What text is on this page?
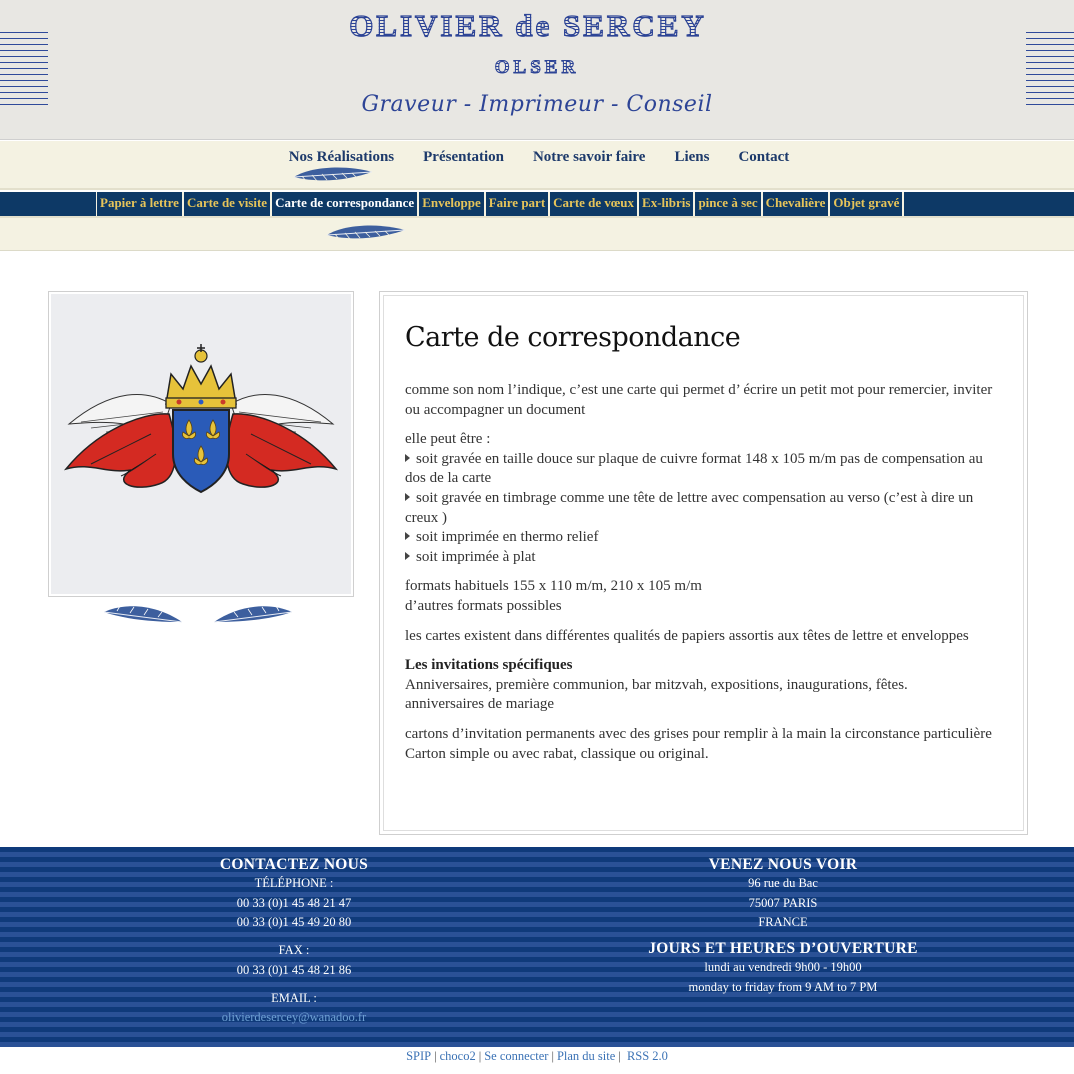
OLIVIER de SERCEY
OLSER
Graveur - Imprimeur - Conseil
Nos Réalisations Présentation Notre savoir faire Liens Contact
Papier à lettre Carte de visite Carte de correspondance Enveloppe Faire part Carte de vœux Ex-libris pince à sec Chevalière Objet gravé
Carte de correspondance

comme son nom l’indique, c’est une carte qui permet d’ écrire un petit mot pour remercier, inviter ou accompagner un document

elle peut être :
soit gravée en taille douce sur plaque de cuivre format 148 x 105 m/m pas de compensation au dos de la carte
soit gravée en timbrage comme une tête de lettre avec compensation au verso (c’est à dire un creux )
soit imprimée en thermo relief
soit imprimée à plat

formats habituels 155 x 110 m/m, 210 x 105 m/m
d’autres formats possibles

les cartes existent dans différentes qualités de papiers assortis aux têtes de lettre et enveloppes

Les invitations spécifiques
Anniversaires, première communion, bar mitzvah, expositions, inaugurations, fêtes.
anniversaires de mariage

cartons d’invitation permanents avec des grises pour remplir à la main la circonstance particulière
Carton simple ou avec rabat, classique ou original.

CONTACTEZ NOUS
TÉLÉPHONE :
00 33 (0)1 45 48 21 47
00 33 (0)1 45 49 20 80
FAX :
00 33 (0)1 45 48 21 86
EMAIL :
olivierdesercey@wanadoo.fr
VENEZ NOUS VOIR
96 rue du Bac
75007 PARIS
FRANCE
JOURS ET HEURES D’OUVERTURE
lundi au vendredi 9h00 - 19h00
monday to friday from 9 AM to 7 PM
SPIP | choco2 | Se connecter | Plan du site | RSS 2.0
